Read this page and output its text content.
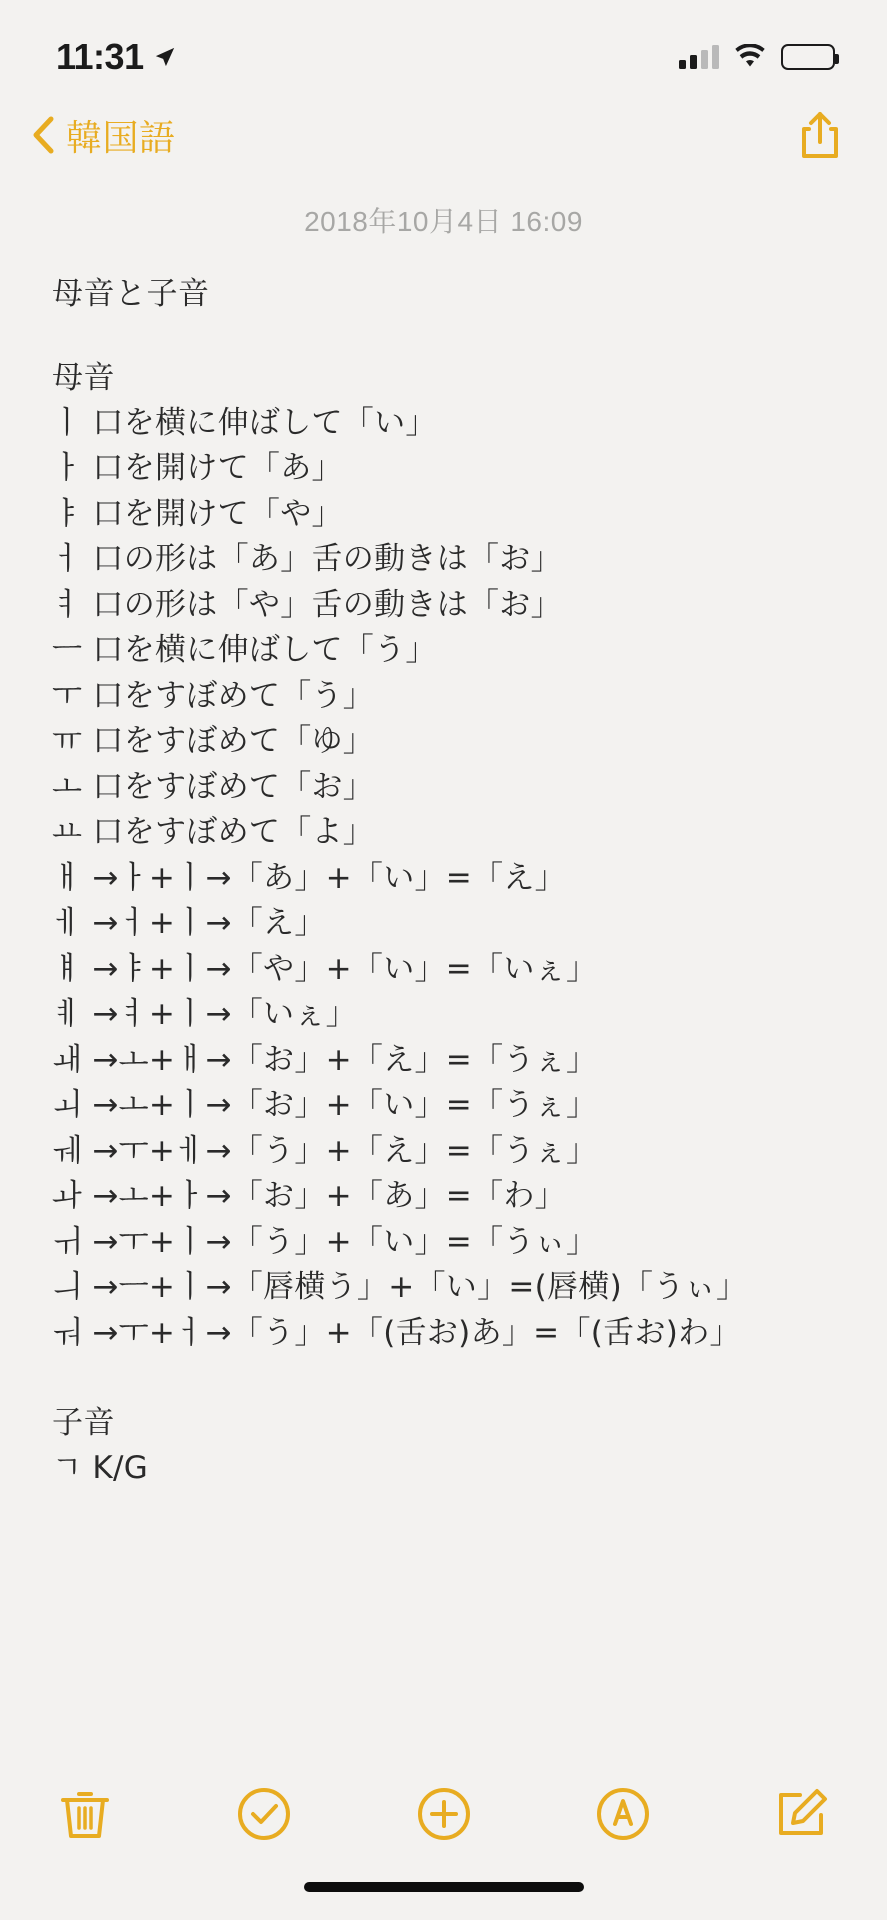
11:31
韓国語
2018年10月4日 16:09
母音と子音
母音
ㅣ 口を横に伸ばして「い」
ㅏ 口を開けて「あ」
ㅑ 口を開けて「や」
ㅓ 口の形は「あ」舌の動きは「お」
ㅕ 口の形は「や」舌の動きは「お」
ㅡ 口を横に伸ばして「う」
ㅜ 口をすぼめて「う」
ㅠ 口をすぼめて「ゆ」
ㅗ 口をすぼめて「お」
ㅛ 口をすぼめて「よ」
ㅐ →ㅏ+ㅣ→「あ」+「い」=「え」
ㅔ →ㅓ+ㅣ→「え」
ㅒ →ㅑ+ㅣ→「や」+「い」=「いぇ」
ㅖ →ㅕ+ㅣ→「いぇ」
ㅙ →ㅗ+ㅐ→「お」+「え」=「うぇ」
ㅚ →ㅗ+ㅣ→「お」+「い」=「うぇ」
ㅞ →ㅜ+ㅔ→「う」+「え」=「うぇ」
ㅘ →ㅗ+ㅏ→「お」+「あ」=「わ」
ㅟ →ㅜ+ㅣ→「う」+「い」=「うぃ」
ㅢ →ㅡ+ㅣ→「唇横う」+「い」=(唇横)「うぃ」
ㅝ →ㅜ+ㅓ→「う」+「(舌お)あ」=「(舌お)わ」
子音
ㄱ K/G
